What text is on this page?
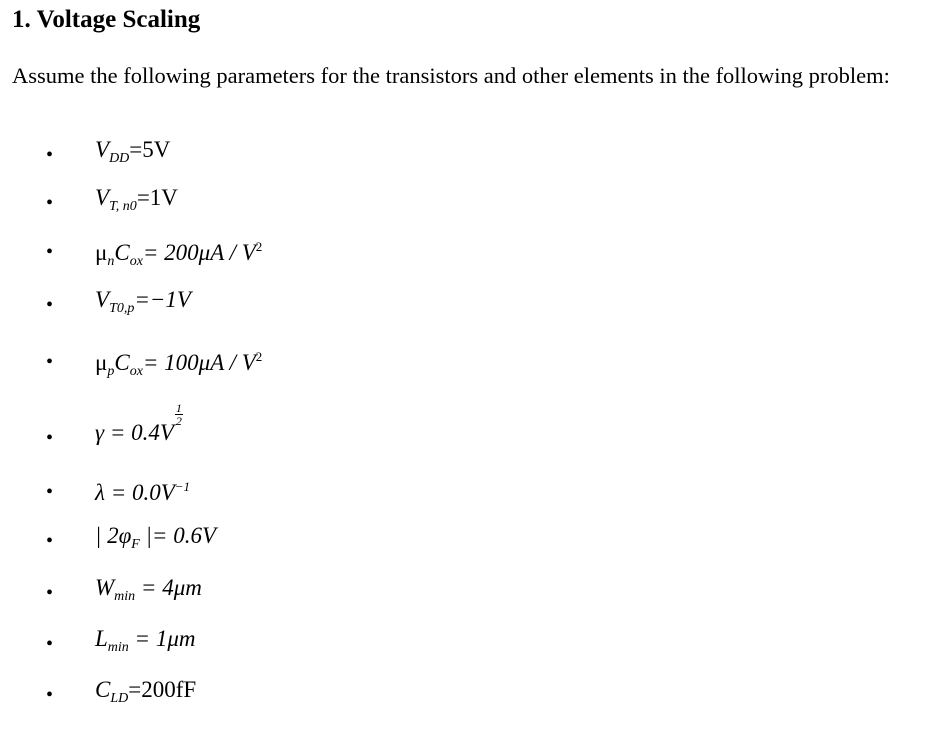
1. Voltage Scaling
Assume the following parameters for the transistors and other elements in the following problem:
• $V_{DD}=5V$
• $V_{T, n0}=1V$
• $\mu_nC_{ox}= 200\mu A / V^2$
• $V_{T0,p}=-1V$
• $\mu_pC_{ox}= 100\mu A / V^2$
• γ = 0.4V
$\frac{1}{2}$
• $\lambda = 0.0V^{-1}$
• | $2\varphi_F$ |= 0.6V
• $W_{min} = 4\mu m$
• $L_{min} = 1\mu m$
• $C_{LD}=200fF$
